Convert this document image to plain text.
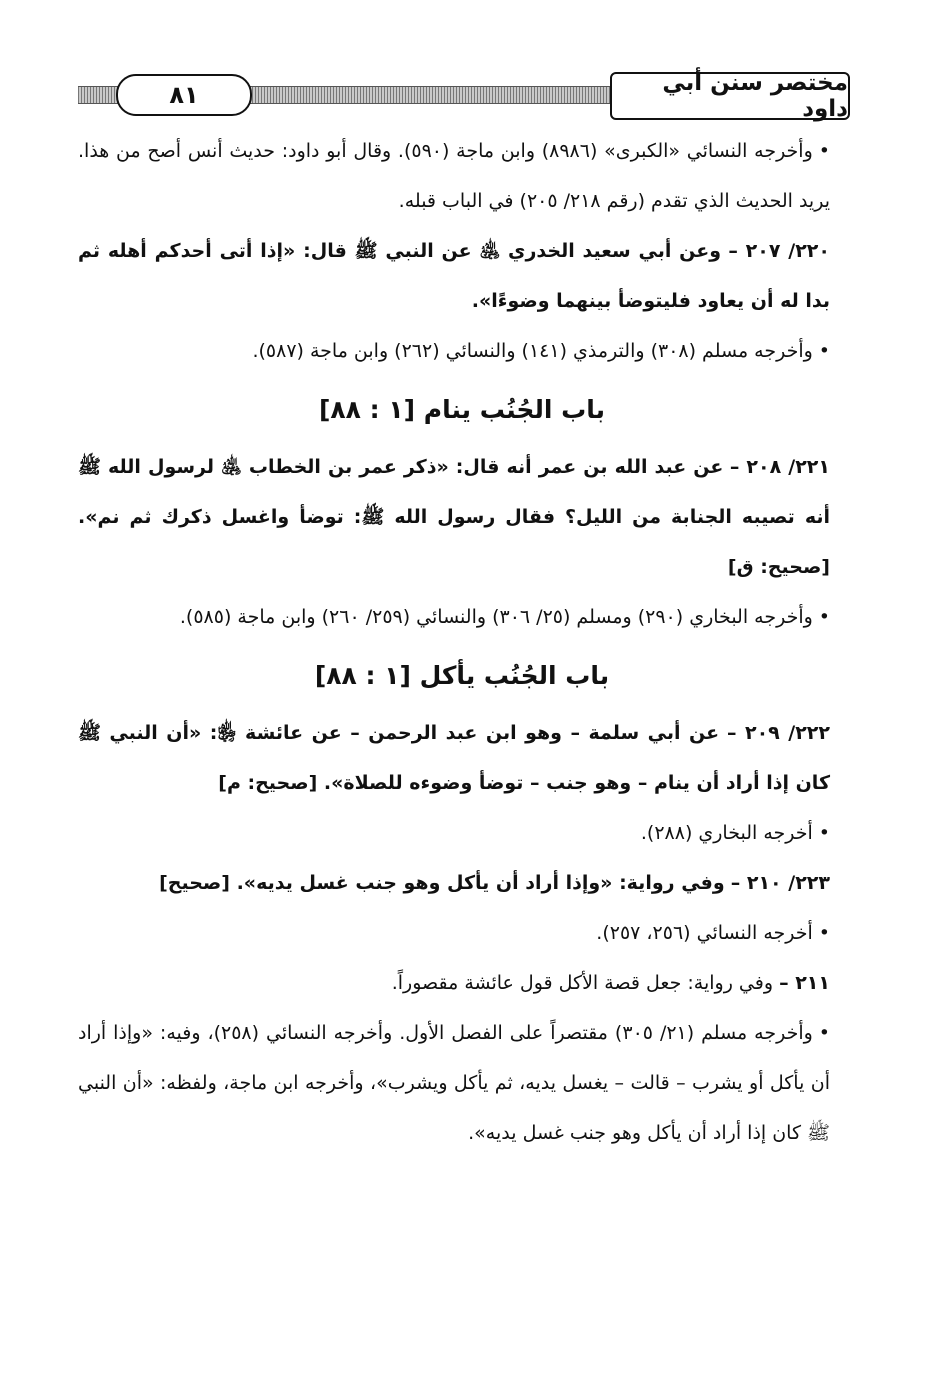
٨١	مختصر سنن أبي داود

•وأخرجه النسائي «الكبرى» (٨٩٨٦) وابن ماجة (٥٩٠). وقال أبو داود: حديث أنس أصح من هذا. يريد الحديث الذي تقدم (رقم ٢١٨/ ٢٠٥) في الباب قبله.

٢٢٠/ ٢٠٧ – وعن أبي سعيد الخدري ﵁ عن النبي ﷺ قال: «إذا أتى أحدكم أهله ثم بدا له أن يعاود فليتوضأ بينهما وضوءًا».

•وأخرجه مسلم (٣٠٨) والترمذي (١٤١) والنسائي (٢٦٢) وابن ماجة (٥٨٧).

باب الجُنُب ينام [١ : ٨٨]

٢٢١/ ٢٠٨ – عن عبد الله بن عمر أنه قال: «ذكر عمر بن الخطاب ﵁ لرسول الله ﷺ أنه تصيبه الجنابة من الليل؟ فقال رسول الله ﷺ: توضأ واغسل ذكرك ثم نم». [صحيح: ق]

•وأخرجه البخاري (٢٩٠) ومسلم (٢٥/ ٣٠٦) والنسائي (٢٥٩/ ٢٦٠) وابن ماجة (٥٨٥).

باب الجُنُب يأكل [١ : ٨٨]

٢٢٢/ ٢٠٩ – عن أبي سلمة – وهو ابن عبد الرحمن – عن عائشة ﵂: «أن النبي ﷺ كان إذا أراد أن ينام – وهو جنب – توضأ وضوءه للصلاة». [صحيح: م]

•أخرجه البخاري (٢٨٨).

٢٢٣/ ٢١٠ – وفي رواية: «وإذا أراد أن يأكل وهو جنب غسل يديه». [صحيح]

•أخرجه النسائي (٢٥٦، ٢٥٧).

٢١١ – وفي رواية: جعل قصة الأكل قول عائشة مقصوراً.

•وأخرجه مسلم (٢١/ ٣٠٥) مقتصراً على الفصل الأول. وأخرجه النسائي (٢٥٨)، وفيه: «وإذا أراد أن يأكل أو يشرب – قالت – يغسل يديه، ثم يأكل ويشرب»، وأخرجه ابن ماجة، ولفظه: «أن النبي ﷺ كان إذا أراد أن يأكل وهو جنب غسل يديه».
